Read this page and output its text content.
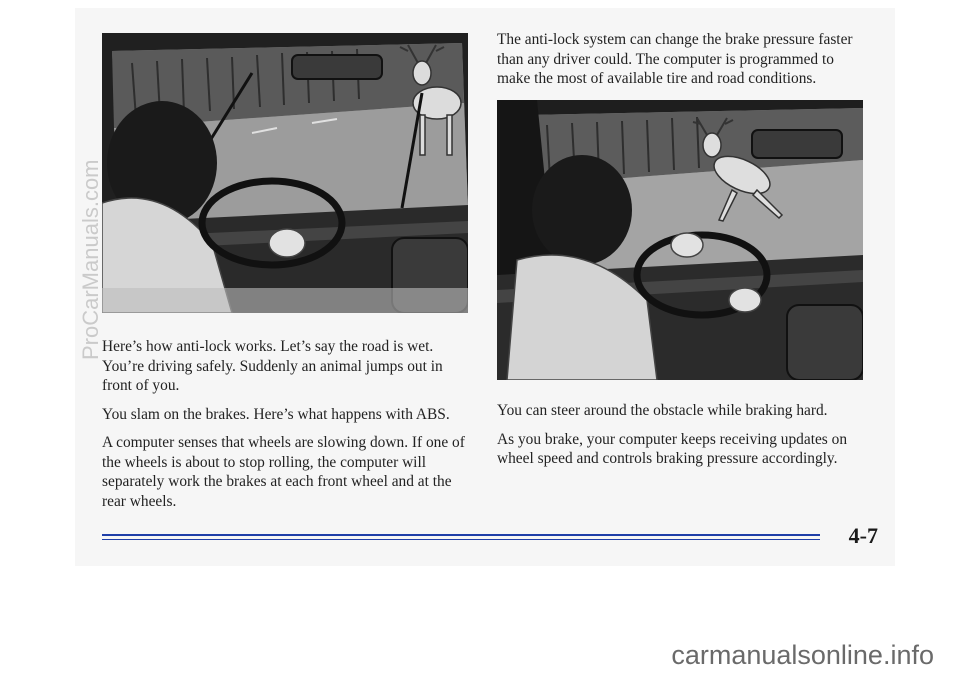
The anti-lock system can change the brake pressure faster than any driver could. The computer is programmed to make the most of available tire and road conditions.

Here’s how anti-lock works. Let’s say the road is wet. You’re driving safely. Suddenly an animal jumps out in front of you.

You slam on the brakes. Here’s what happens with ABS.

A computer senses that wheels are slowing down. If one of the wheels is about to stop rolling, the computer will separately work the brakes at each front wheel and at the rear wheels.

You can steer around the obstacle while braking hard.

As you brake, your computer keeps receiving updates on wheel speed and controls braking pressure accordingly.

4-7
ProCarManuals.com
carmanualsonline.info
